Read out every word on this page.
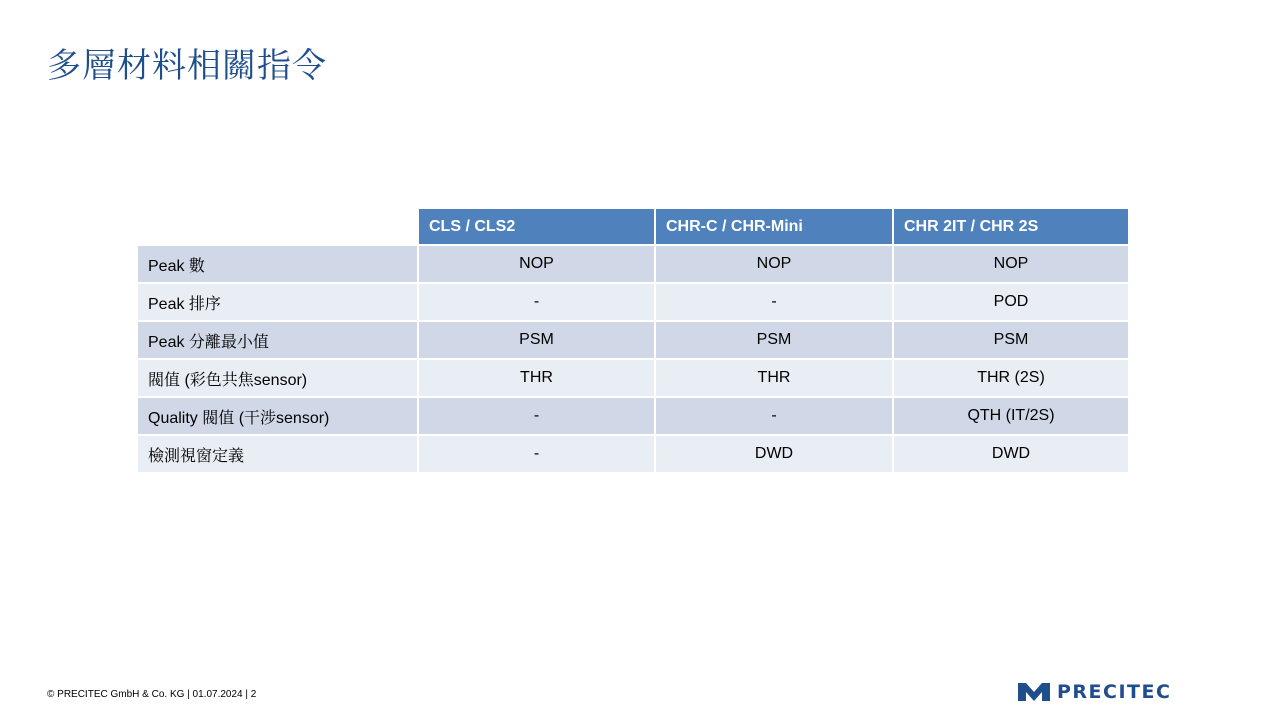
多層材料相關指令
	CLS / CLS2	CHR-C / CHR-Mini	CHR 2IT / CHR 2S
Peak 數	NOP	NOP	NOP
Peak 排序	-	-	POD
Peak 分離最小值	PSM	PSM	PSM
閥值 (彩色共焦sensor)	THR	THR	THR (2S)
Quality 閥值 (干涉sensor)	-	-	QTH (IT/2S)
檢測視窗定義	-	DWD	DWD
© PRECITEC GmbH & Co. KG | 01.07.2024 | 2	PRECITEC
